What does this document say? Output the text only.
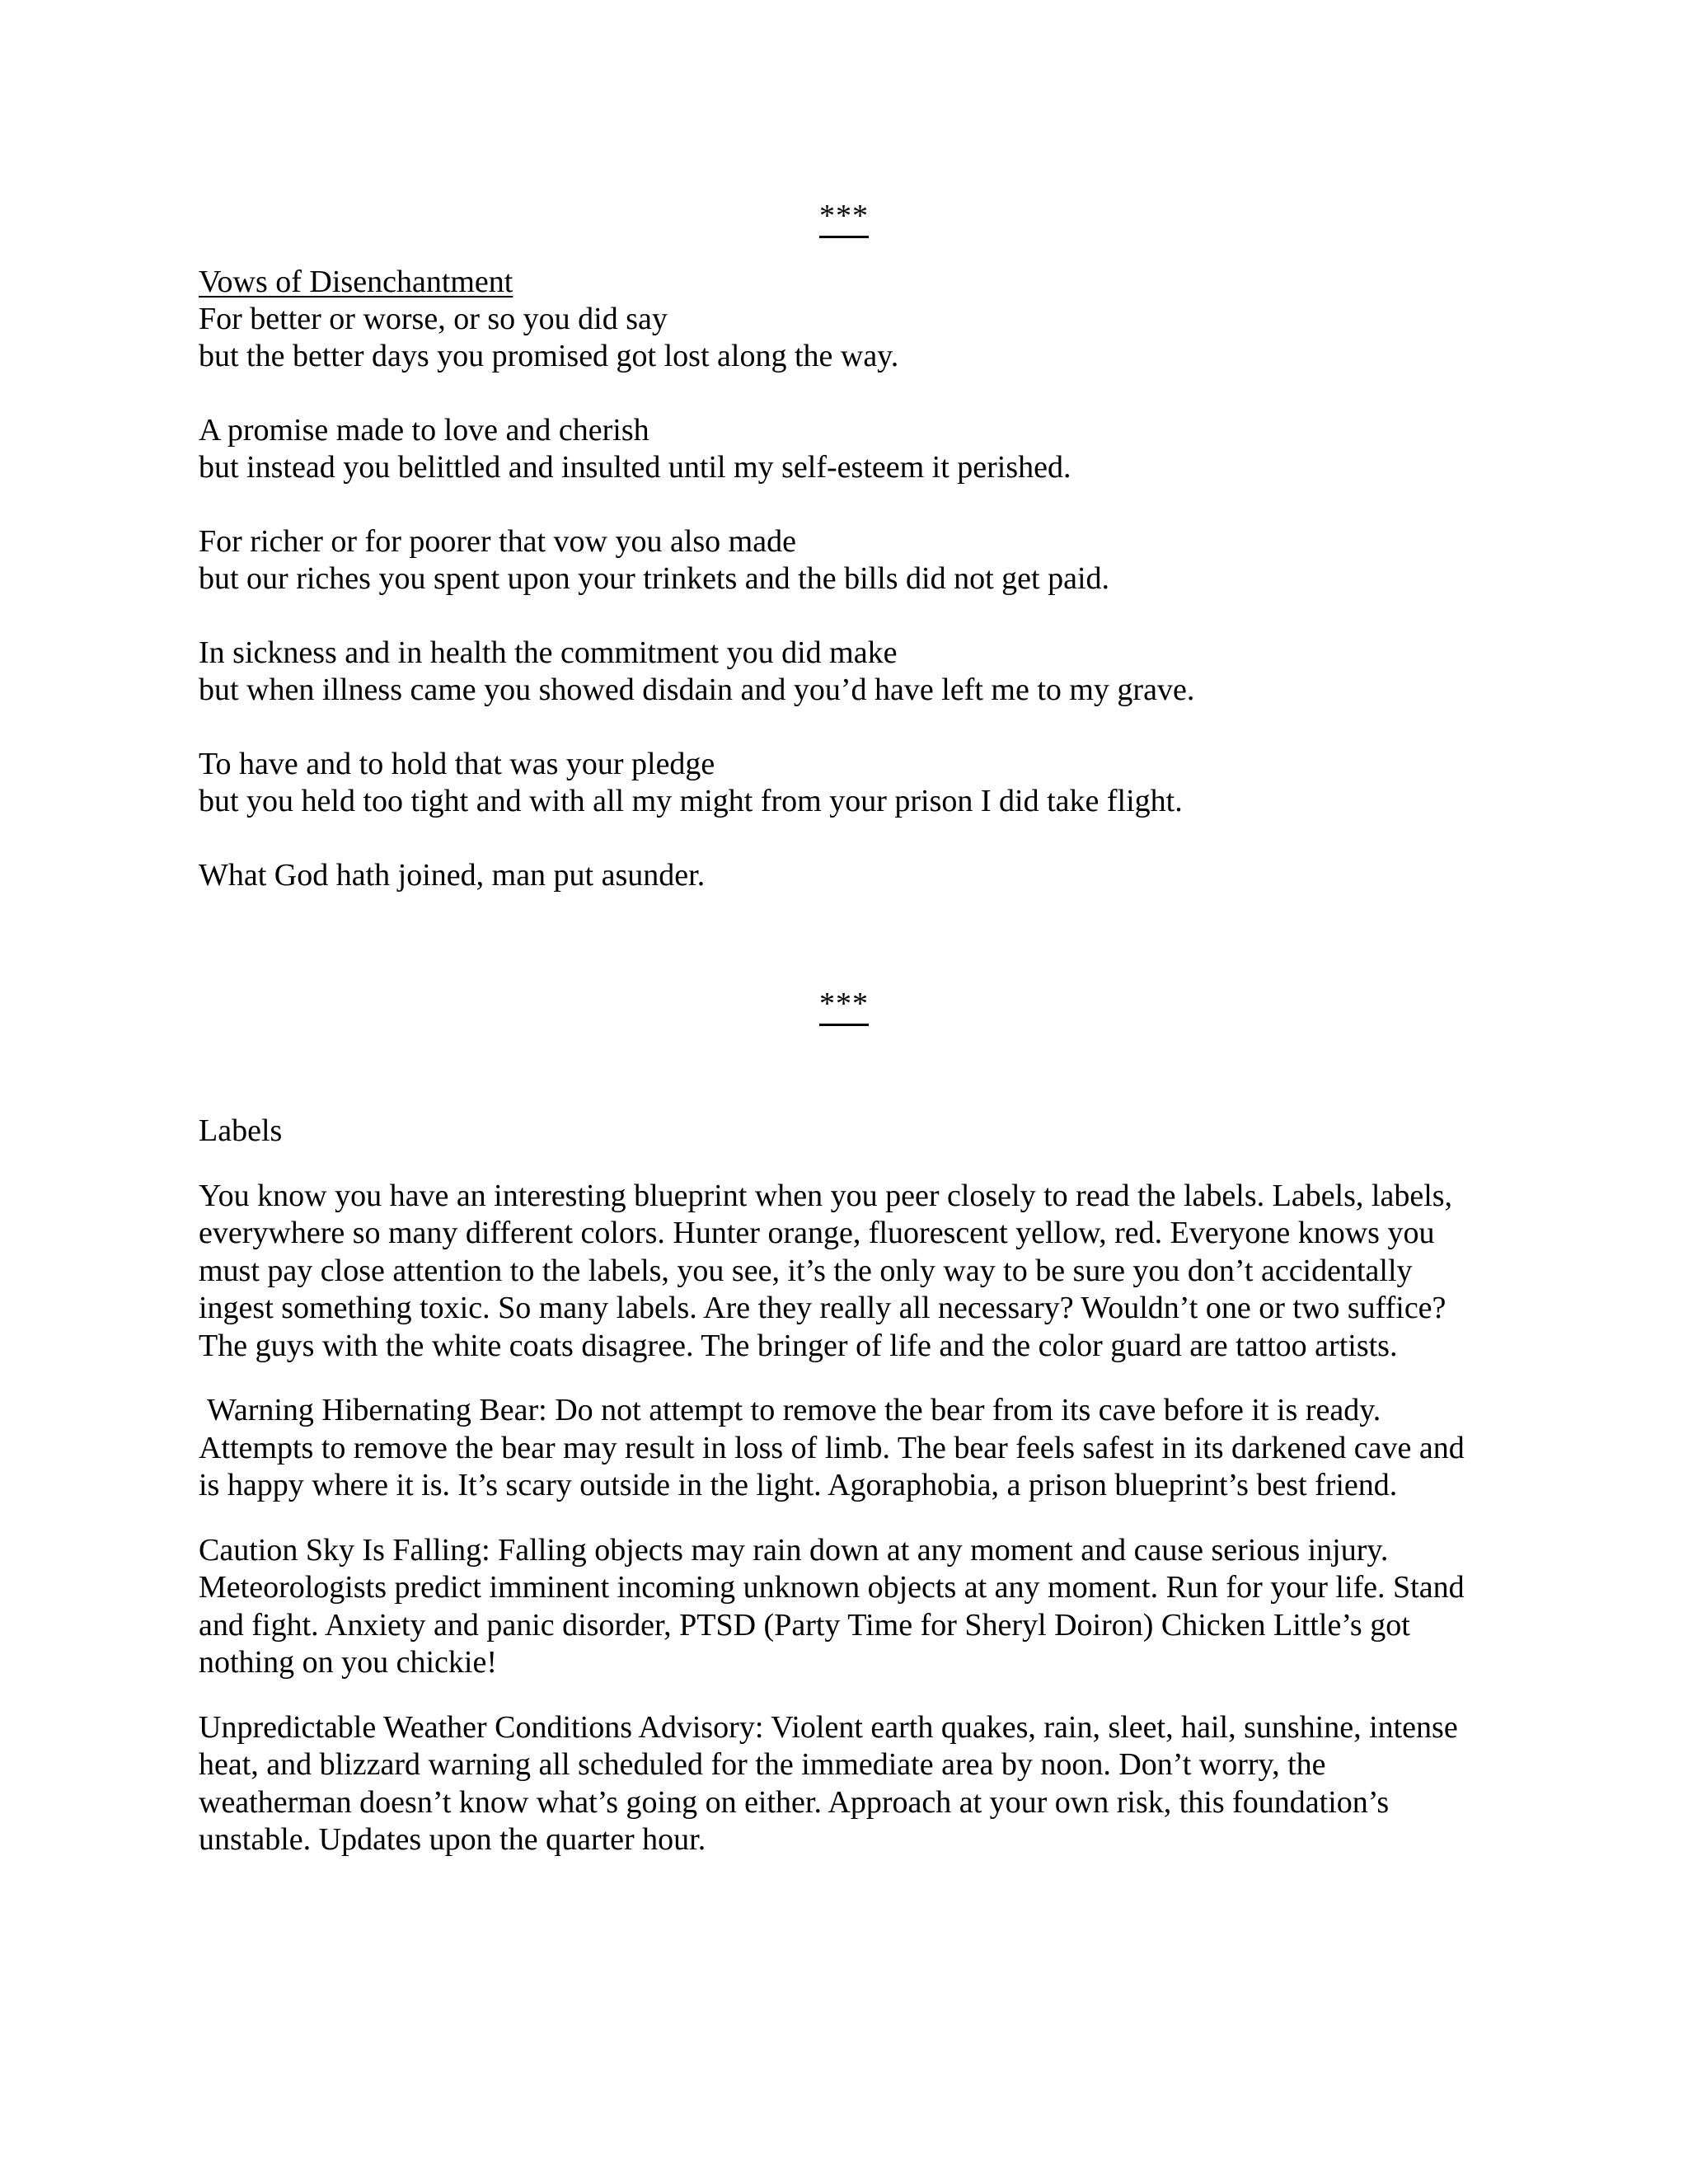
***
Vows of Disenchantment
For better or worse, or so you did say
but the better days you promised got lost along the way.
A promise made to love and cherish
but instead you belittled and insulted until my self-esteem it perished.
For richer or for poorer that vow you also made
but our riches you spent upon your trinkets and the bills did not get paid.
In sickness and in health the commitment you did make
but when illness came you showed disdain and you’d have left me to my grave.
To have and to hold that was your pledge
but you held too tight and with all my might from your prison I did take flight.
What God hath joined, man put asunder.
***
Labels

You know you have an interesting blueprint when you peer closely to read the labels. Labels, labels, everywhere so many different colors. Hunter orange, fluorescent yellow, red. Everyone knows you must pay close attention to the labels, you see, it’s the only way to be sure you don’t accidentally ingest something toxic. So many labels. Are they really all necessary? Wouldn’t one or two suffice? The guys with the white coats disagree. The bringer of life and the color guard are tattoo artists.

Warning Hibernating Bear: Do not attempt to remove the bear from its cave before it is ready. Attempts to remove the bear may result in loss of limb. The bear feels safest in its darkened cave and is happy where it is. It’s scary outside in the light. Agoraphobia, a prison blueprint’s best friend.

Caution Sky Is Falling: Falling objects may rain down at any moment and cause serious injury. Meteorologists predict imminent incoming unknown objects at any moment. Run for your life. Stand and fight. Anxiety and panic disorder, PTSD (Party Time for Sheryl Doiron) Chicken Little’s got nothing on you chickie!

Unpredictable Weather Conditions Advisory: Violent earth quakes, rain, sleet, hail, sunshine, intense heat, and blizzard warning all scheduled for the immediate area by noon. Don’t worry, the weatherman doesn’t know what’s going on either. Approach at your own risk, this foundation’s unstable. Updates upon the quarter hour.
